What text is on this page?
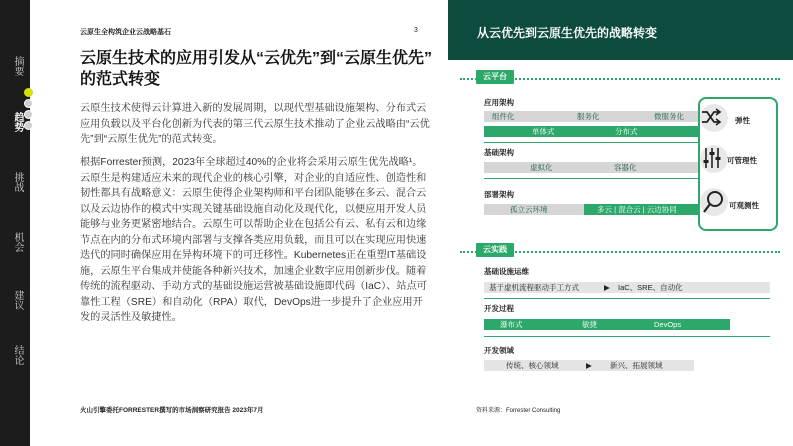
摘要
趋势
挑战
机会
建议
结论
云原生全构筑企业云战略基石	3
云原生技术的应用引发从“云优先”到“云原生优先”
的范式转变
云原生技术使得云计算进入新的发展周期，以现代型基础设施架构、分布式云应用负载以及平台化创新为代表的第三代云原生技术推动了企业云战略由“云优先”到“云原生优先”的范式转变。
根据Forrester预测，2023年全球超过40%的企业将会采用云原生优先战略¹。云原生是构建适应未来的现代企业的核心引擎，对企业的自适应性、创造性和韧性都具有战略意义：云原生使得企业架构师和平台团队能够在多云、混合云以及云边协作的模式中实现关键基础设施自动化及现代化，以便应用开发人员能够与业务更紧密地结合。云原生可以帮助企业在包括公有云、私有云和边缘节点在内的分布式环境内部署与支撑各类应用负载，而且可以在实现应用快速迭代的同时确保应用在异构环境下的可迁移性。Kubernetes正在重塑IT基础设施，云原生平台集成并使能各种新兴技术，加速企业数字应用创新步伐。随着传统的流程驱动、手动方式的基础设施运营被基础设施即代码（IaC）、站点可靠性工程（SRE）和自动化（RPA）取代，DevOps进一步提升了企业应用开发的灵活性及敏捷性。
火山引擎委托FORRESTER撰写的市场洞察研究报告 2023年7月
从云优先到云原生优先的战略转变
云平台
应用架构
组件化	服务化	微服务化
单体式	分布式
基础架构
虚拟化	容器化
部署架构
孤立云环境	多云 | 混合云 | 云边协同
弹性
可管理性
可观测性
云实践
基础设施运维
基于虚机流程驱动手工方式	▶ IaC、SRE、自动化
开发过程
瀑布式	敏捷	DevOps
开发领域
传统、核心领域	▶ 新兴、拓展领域
资料来源：Forrester Consulting
